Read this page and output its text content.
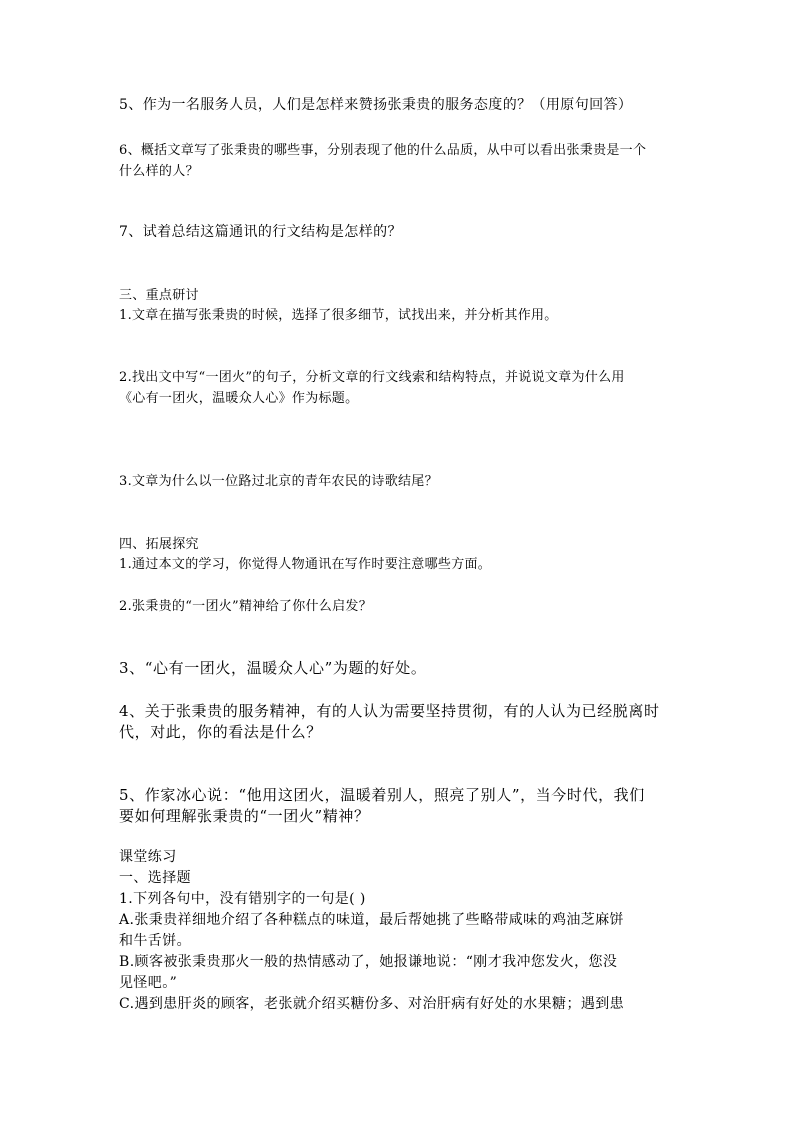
5、作为一名服务人员，人们是怎样来赞扬张秉贵的服务态度的？（用原句回答）
6、概括文章写了张秉贵的哪些事，分别表现了他的什么品质，从中可以看出张秉贵是一个
什么样的人？
7、试着总结这篇通讯的行文结构是怎样的？
三、重点研讨
1.文章在描写张秉贵的时候，选择了很多细节，试找出来，并分析其作用。
2.找出文中写“一团火”的句子，分析文章的行文线索和结构特点，并说说文章为什么用
《心有一团火，温暖众人心》作为标题。
3.文章为什么以一位路过北京的青年农民的诗歌结尾？
四、拓展探究
1.通过本文的学习，你觉得人物通讯在写作时要注意哪些方面。
2.张秉贵的“一团火”精神给了你什么启发？
3、“心有一团火，温暖众人心”为题的好处。
4、关于张秉贵的服务精神，有的人认为需要坚持贯彻，有的人认为已经脱离时
代，对此，你的看法是什么？
5、作家冰心说：“他用这团火，温暖着别人，照亮了别人”，当今时代，我们
要如何理解张秉贵的“一团火”精神？
课堂练习
一、选择题
1.下列各句中，没有错别字的一句是( )
A.张秉贵祥细地介绍了各种糕点的味道，最后帮她挑了些略带咸味的鸡油芝麻饼
和牛舌饼。
B.顾客被张秉贵那火一般的热情感动了，她报谦地说：“刚才我冲您发火，您没
见怪吧。”
C.遇到患肝炎的顾客，老张就介绍买糖份多、对治肝病有好处的水果糖；遇到患
